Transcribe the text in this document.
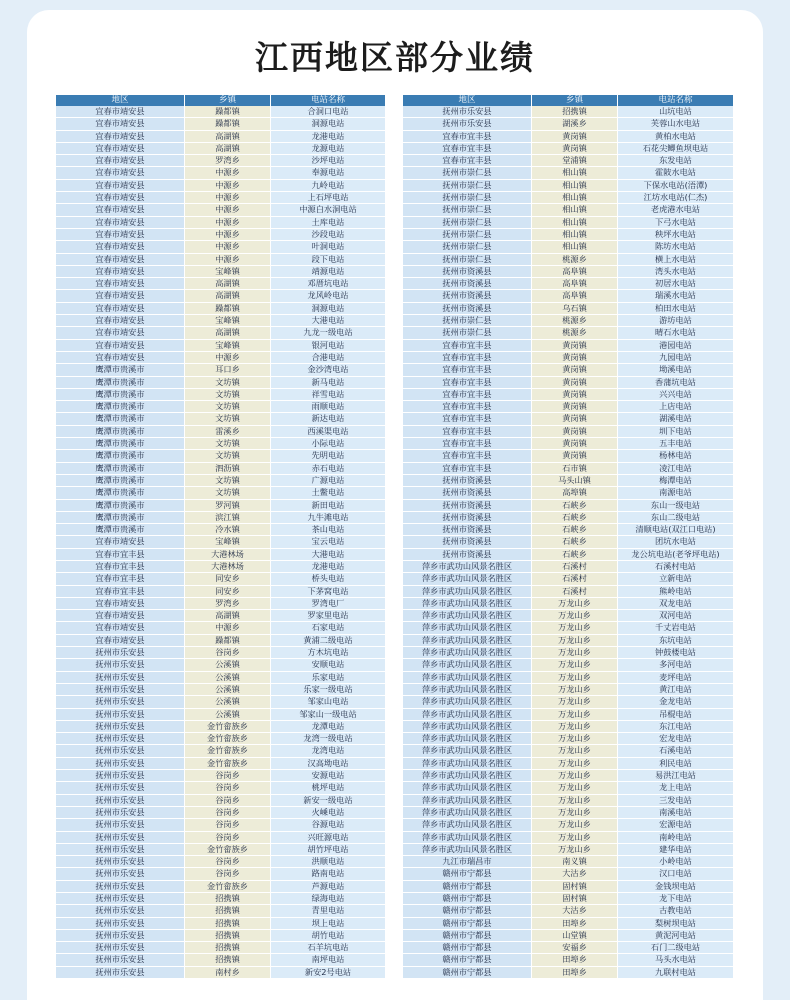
江西地区部分业绩
地区	乡镇	电站名称
宜春市靖安县	躁都镇	合洞口电站
宜春市靖安县	躁都镇	洞源电站
宜春市靖安县	高湖镇	龙港电站
宜春市靖安县	高湖镇	龙源电站
宜春市靖安县	罗湾乡	沙坪电站
宜春市靖安县	中源乡	奉源电站
宜春市靖安县	中源乡	九岭电站
宜春市靖安县	中源乡	上石坪电站
宜春市靖安县	中源乡	中源白水洞电站
宜春市靖安县	中源乡	土库电站
宜春市靖安县	中源乡	沙段电站
宜春市靖安县	中源乡	叶洞电站
宜春市靖安县	中源乡	段下电站
宜春市靖安县	宝峰镇	靖源电站
宜春市靖安县	高湖镇	邓厝坑电站
宜春市靖安县	高湖镇	龙风岭电站
宜春市靖安县	躁都镇	洞源电站
宜春市靖安县	宝峰镇	大港电站
宜春市靖安县	高湖镇	九龙一级电站
宜春市靖安县	宝峰镇	银河电站
宜春市靖安县	中源乡	合港电站
鹰潭市贵溪市	耳口乡	金沙湾电站
鹰潭市贵溪市	文坊镇	新马电站
鹰潭市贵溪市	文坊镇	祥雪电站
鹰潭市贵溪市	文坊镇	雨顺电站
鹰潭市贵溪市	文坊镇	新达电站
鹰潭市贵溪市	雷溪乡	西溪渠电站
鹰潭市贵溪市	文坊镇	小际电站
鹰潭市贵溪市	文坊镇	先明电站
鹰潭市贵溪市	泗沥镇	赤石电站
鹰潭市贵溪市	文坊镇	广源电站
鹰潭市贵溪市	文坊镇	土鳖电站
鹰潭市贵溪市	罗河镇	新田电站
鹰潭市贵溪市	滨江镇	九牛滩电站
鹰潭市贵溪市	冷水镇	茶山电站
宜春市靖安县	宝峰镇	宝云电站
宜春市宜丰县	大港林场	大港电站
宜春市宜丰县	大港林场	龙港电站
宜春市宜丰县	同安乡	桥头电站
宜春市宜丰县	同安乡	下茅窝电站
宜春市靖安县	罗湾乡	罗湾电厂
宜春市靖安县	高湖镇	罗家里电站
宜春市靖安县	中源乡	石家电站
宜春市靖安县	躁都镇	黄浦二级电站
抚州市乐安县	谷岗乡	方木坑电站
抚州市乐安县	公溪镇	安顺电站
抚州市乐安县	公溪镇	乐家电站
抚州市乐安县	公溪镇	乐家一级电站
抚州市乐安县	公溪镇	邹家山电站
抚州市乐安县	公溪镇	邹家山一级电站
抚州市乐安县	金竹畲族乡	龙潭电站
抚州市乐安县	金竹畲族乡	龙湾一级电站
抚州市乐安县	金竹畲族乡	龙湾电站
抚州市乐安县	金竹畲族乡	汉高坳电站
抚州市乐安县	谷岗乡	安源电站
抚州市乐安县	谷岗乡	桃坪电站
抚州市乐安县	谷岗乡	新安一级电站
抚州市乐安县	谷岗乡	火嵊电站
抚州市乐安县	谷岗乡	谷源电站
抚州市乐安县	谷岗乡	兴旺源电站
抚州市乐安县	金竹畲族乡	胡竹坪电站
抚州市乐安县	谷岗乡	洪顺电站
抚州市乐安县	谷岗乡	路南电站
抚州市乐安县	金竹畲族乡	芦源电站
抚州市乐安县	招携镇	绿海电站
抚州市乐安县	招携镇	青里电站
抚州市乐安县	招携镇	坝上电站
抚州市乐安县	招携镇	胡竹电站
抚州市乐安县	招携镇	石羊坑电站
抚州市乐安县	招携镇	南坪电站
抚州市乐安县	南村乡	新安2号电站
地区	乡镇	电站名称
抚州市乐安县	招携镇	山坑电站
抚州市乐安县	湖溪乡	芙蓉山水电站
宜春市宜丰县	黄岗镇	黄柏水电站
宜春市宜丰县	黄岗镇	石花尖鲫鱼坝电站
宜春市宜丰县	堂浦镇	东发电站
抚州市崇仁县	相山镇	霍陂水电站
抚州市崇仁县	相山镇	下保水电站(浯潭)
抚州市崇仁县	相山镇	江坊水电站(仁杰)
抚州市崇仁县	相山镇	老虎港水电站
抚州市崇仁县	相山镇	下弓水电站
抚州市崇仁县	相山镇	秧坪水电站
抚州市崇仁县	相山镇	陈坊水电站
抚州市崇仁县	桃源乡	横上水电站
抚州市资溪县	高阜镇	湾头水电站
抚州市资溪县	高阜镇	初居水电站
抚州市资溪县	高阜镇	瑞溪水电站
抚州市资溪县	乌石镇	柏田水电站
抚州市崇仁县	桃源乡	游坊电站
抚州市崇仁县	桃源乡	晴石水电站
宜春市宜丰县	黄岗镇	港园电站
宜春市宜丰县	黄岗镇	九园电站
宜春市宜丰县	黄岗镇	坳溪电站
宜春市宜丰县	黄岗镇	香蒲坑电站
宜春市宜丰县	黄岗镇	兴兴电站
宜春市宜丰县	黄岗镇	上店电站
宜春市宜丰县	黄岗镇	湖溪电站
宜春市宜丰县	黄岗镇	圳下电站
宜春市宜丰县	黄岗镇	五丰电站
宜春市宜丰县	黄岗镇	杨林电站
宜春市宜丰县	石市镇	凌江电站
抚州市资溪县	马头山镇	梅潭电站
抚州市资溪县	高埠镇	南源电站
抚州市资溪县	石峡乡	东山一级电站
抚州市资溪县	石峡乡	东山二级电站
抚州市资溪县	石峡乡	清顺电站(双江口电站)
抚州市资溪县	石峡乡	团坑水电站
抚州市资溪县	石峡乡	龙公坑电站(老爷坪电站)
萍乡市武功山风景名胜区	石溪村	石溪村电站
萍乡市武功山风景名胜区	石溪村	立新电站
萍乡市武功山风景名胜区	石溪村	熊岭电站
萍乡市武功山风景名胜区	万龙山乡	双龙电站
萍乡市武功山风景名胜区	万龙山乡	双河电站
萍乡市武功山风景名胜区	万龙山乡	千丈岩电站
萍乡市武功山风景名胜区	万龙山乡	东坑电站
萍乡市武功山风景名胜区	万龙山乡	钟鼓楼电站
萍乡市武功山风景名胜区	万龙山乡	多河电站
萍乡市武功山风景名胜区	万龙山乡	麦坪电站
萍乡市武功山风景名胜区	万龙山乡	黄江电站
萍乡市武功山风景名胜区	万龙山乡	金龙电站
萍乡市武功山风景名胜区	万龙山乡	吊棍电站
萍乡市武功山风景名胜区	万龙山乡	东江电站
萍乡市武功山风景名胜区	万龙山乡	宏龙电站
萍乡市武功山风景名胜区	万龙山乡	石溪电站
萍乡市武功山风景名胜区	万龙山乡	利民电站
萍乡市武功山风景名胜区	万龙山乡	易洪江电站
萍乡市武功山风景名胜区	万龙山乡	龙上电站
萍乡市武功山风景名胜区	万龙山乡	三发电站
萍乡市武功山风景名胜区	万龙山乡	南溪电站
萍乡市武功山风景名胜区	万龙山乡	宏源电站
萍乡市武功山风景名胜区	万龙山乡	南岭电站
萍乡市武功山风景名胜区	万龙山乡	建华电站
九江市瑞昌市	南义镇	小岭电站
赣州市宁都县	大沽乡	汉口电站
赣州市宁都县	固村镇	金钱坝电站
赣州市宁都县	固村镇	龙下电站
赣州市宁都县	大沽乡	古教电站
赣州市宁都县	田埠乡	梨树坝电站
赣州市宁都县	山堂镇	黄泥河电站
赣州市宁都县	安福乡	石门二级电站
赣州市宁都县	田埠乡	马头水电站
赣州市宁都县	田埠乡	九联村电站
